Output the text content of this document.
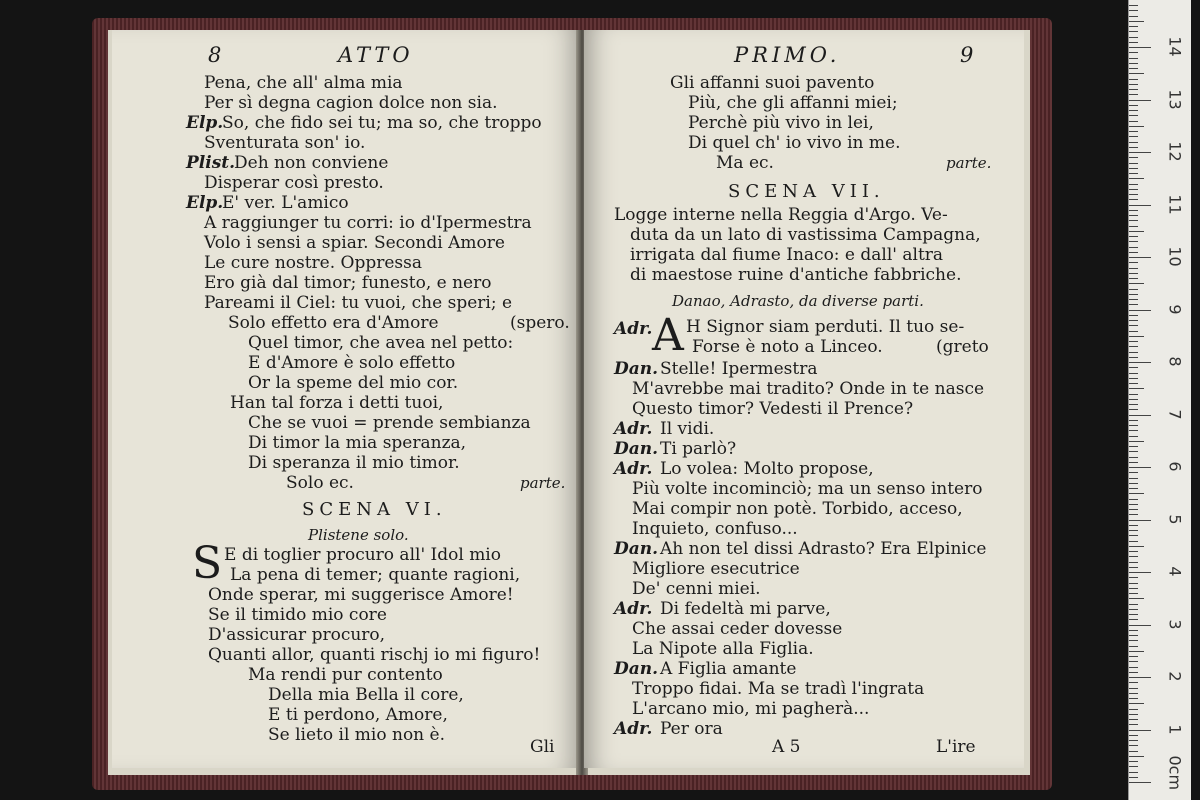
8	ATTO
Pena, che all' alma mia
Per sì degna cagion dolce non sia.
Elp.
So, che fido sei tu; ma so, che troppo
Sventurata son' io.
Plist.
Deh non conviene
Disperar così presto.
Elp.
E' ver. L'amico
A raggiunger tu corri: io d'Ipermestra
Volo i sensi a spiar. Secondi Amore
Le cure nostre. Oppressa
Ero già dal timor; funesto, e nero
Pareami il Ciel: tu vuoi, che speri; e
Solo effetto era d'Amore	(spero.
Quel timor, che avea nel petto:
E d'Amore è solo effetto
Or la speme del mio cor.
Han tal forza i detti tuoi,
Che se vuoi = prende sembianza
Di timor la mia speranza,
Di speranza il mio timor.
Solo ec.	parte.
SCENA VI.
Plistene solo.
S E di toglier procuro all' Idol mio
La pena di temer; quante ragioni,
Onde sperar, mi suggerisce Amore!
Se il timido mio core
D'assicurar procuro,
Quanti allor, quanti rischj io mi figuro!
Ma rendi pur contento
Della mia Bella il core,
E ti perdono, Amore,
Se lieto il mio non è.
Gli
PRIMO.	9
Gli affanni suoi pavento
Più, che gli affanni miei;
Perchè più vivo in lei,
Di quel ch' io vivo in me.
Ma ec.	parte.
SCENA VII.
Logge interne nella Reggia d'Argo. Ve-
duta da un lato di vastissima Campagna,
irrigata dal fiume Inaco: e dall' altra
di maestose ruine d'antiche fabbriche.
Danao, Adrasto, da diverse parti.
Adr. A H Signor siam perduti. Il tuo se-
Forse è noto a Linceo.	(greto
Dan. Stelle! Ipermestra
M'avrebbe mai tradito? Onde in te nasce
Questo timor? Vedesti il Prence?
Adr. Il vidi.
Dan. Ti parlò?
Adr. Lo volea: Molto propose,
Più volte incominciò; ma un senso intero
Mai compir non potè. Torbido, acceso,
Inquieto, confuso...
Dan. Ah non tel dissi Adrasto? Era Elpinice
Migliore esecutrice
De' cenni miei.
Adr. Di fedeltà mi parve,
Che assai ceder dovesse
La Nipote alla Figlia.
Dan. A Figlia amante
Troppo fidai. Ma se tradì l'ingrata
L'arcano mio, mi pagherà...
Adr. Per ora
A 5	L'ire
0cm
1
2
3
4
5
6
7
8
9
10
11
12
13
14
